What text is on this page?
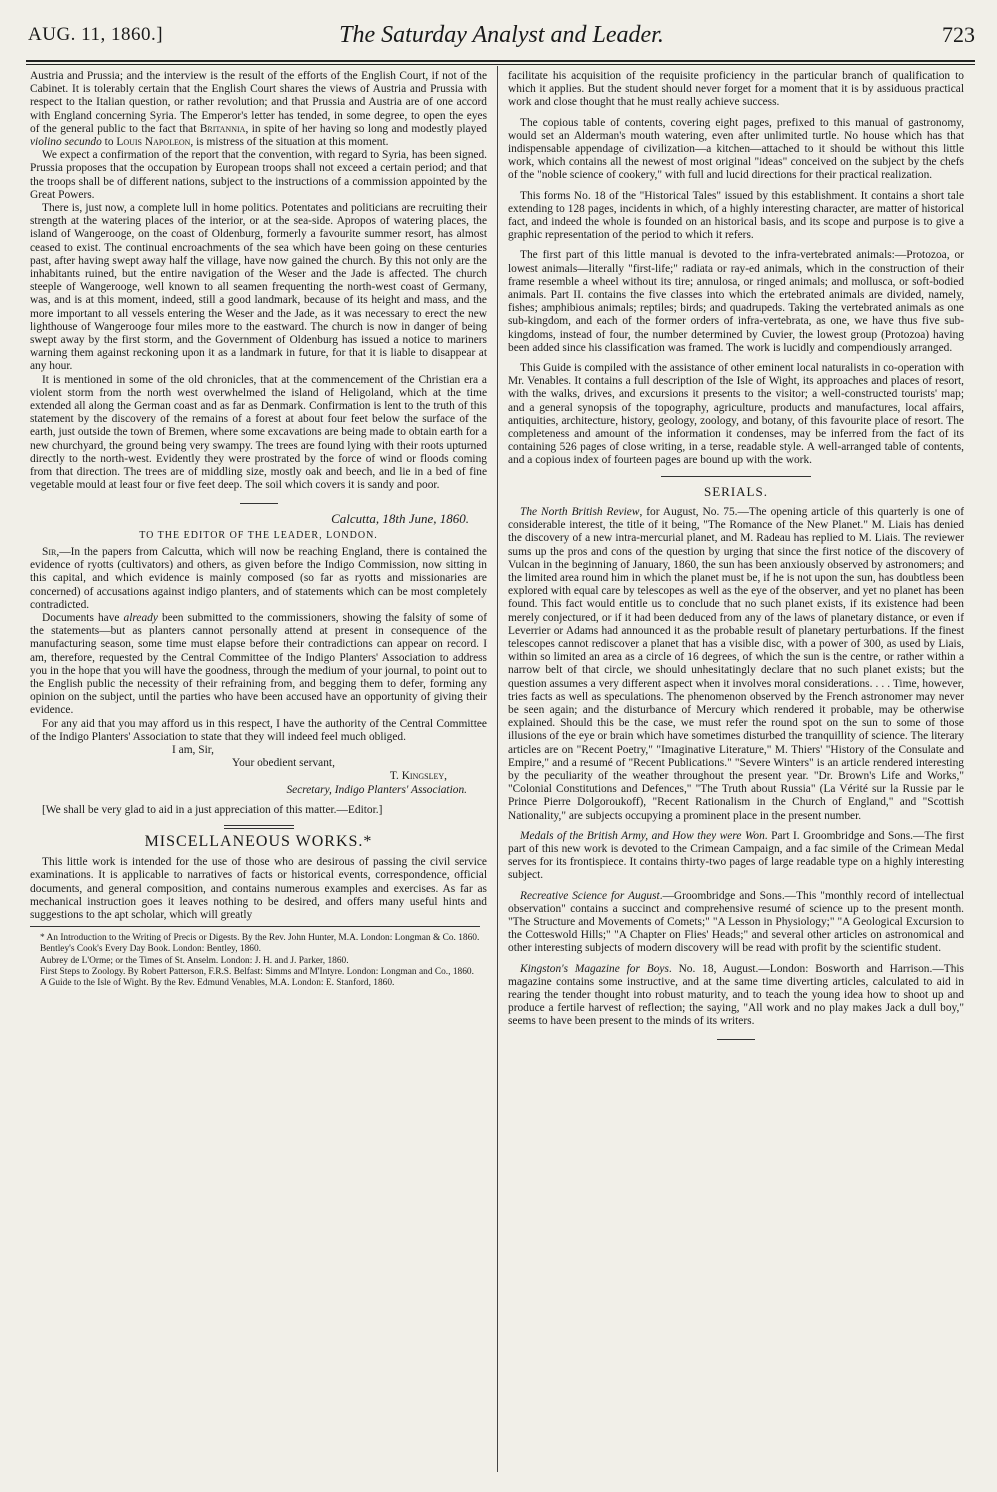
AUG. 11, 1860.]	The Saturday Analyst and Leader.	723

Austria and Prussia; and the interview is the result of the efforts of the English Court, if not of the Cabinet. It is tolerably certain that the English Court shares the views of Austria and Prussia with respect to the Italian question, or rather revolution; and that Prussia and Austria are of one accord with England concerning Syria. The Emperor's letter has tended, in some degree, to open the eyes of the general public to the fact that Britannia, in spite of her having so long and modestly played violino secundo to Louis Napoleon, is mistress of the situation at this moment.

We expect a confirmation of the report that the convention, with regard to Syria, has been signed. Prussia proposes that the occupation by European troops shall not exceed a certain period; and that the troops shall be of different nations, subject to the instructions of a commission appointed by the Great Powers.

There is, just now, a complete lull in home politics. Potentates and politicians are recruiting their strength at the watering places of the interior, or at the sea-side. Apropos of watering places, the island of Wangerooge, on the coast of Oldenburg, formerly a favourite summer resort, has almost ceased to exist. The continual encroachments of the sea which have been going on these centuries past, after having swept away half the village, have now gained the church. By this not only are the inhabitants ruined, but the entire navigation of the Weser and the Jade is affected. The church steeple of Wangerooge, well known to all seamen frequenting the north-west coast of Germany, was, and is at this moment, indeed, still a good landmark, because of its height and mass, and the more important to all vessels entering the Weser and the Jade, as it was necessary to erect the new lighthouse of Wangerooge four miles more to the eastward. The church is now in danger of being swept away by the first storm, and the Government of Oldenburg has issued a notice to mariners warning them against reckoning upon it as a landmark in future, for that it is liable to disappear at any hour.

It is mentioned in some of the old chronicles, that at the commencement of the Christian era a violent storm from the north west overwhelmed the island of Heligoland, which at the time extended all along the German coast and as far as Denmark. Confirmation is lent to the truth of this statement by the discovery of the remains of a forest at about four feet below the surface of the earth, just outside the town of Bremen, where some excavations are being made to obtain earth for a new churchyard, the ground being very swampy. The trees are found lying with their roots upturned directly to the north-west. Evidently they were prostrated by the force of wind or floods coming from that direction. The trees are of middling size, mostly oak and beech, and lie in a bed of fine vegetable mould at least four or five feet deep. The soil which covers it is sandy and poor.

Calcutta, 18th June, 1860.
TO THE EDITOR OF THE LEADER, LONDON.

Sir,—In the papers from Calcutta, which will now be reaching England, there is contained the evidence of ryotts (cultivators) and others, as given before the Indigo Commission, now sitting in this capital, and which evidence is mainly composed (so far as ryotts and missionaries are concerned) of accusations against indigo planters, and of statements which can be most completely contradicted.

Documents have already been submitted to the commissioners, showing the falsity of some of the statements—but as planters cannot personally attend at present in consequence of the manufacturing season, some time must elapse before their contradictions can appear on record. I am, therefore, requested by the Central Committee of the Indigo Planters' Association to address you in the hope that you will have the goodness, through the medium of your journal, to point out to the English public the necessity of their refraining from, and begging them to defer, forming any opinion on the subject, until the parties who have been accused have an opportunity of giving their evidence.

For any aid that you may afford us in this respect, I have the authority of the Central Committee of the Indigo Planters' Association to state that they will indeed feel much obliged.

I am, Sir,

Your obedient servant,

T. Kingsley,

Secretary, Indigo Planters' Association.

[We shall be very glad to aid in a just appreciation of this matter.—Editor.]

MISCELLANEOUS WORKS.*

This little work is intended for the use of those who are desirous of passing the civil service examinations. It is applicable to narratives of facts or historical events, correspondence, official documents, and general composition, and contains numerous examples and exercises. As far as mechanical instruction goes it leaves nothing to be desired, and offers many useful hints and suggestions to the apt scholar, which will greatly

* An Introduction to the Writing of Precis or Digests. By the Rev. John Hunter, M.A. London: Longman & Co. 1860.

Bentley's Cook's Every Day Book. London: Bentley, 1860.

Aubrey de L'Orme; or the Times of St. Anselm. London: J. H. and J. Parker, 1860.

First Steps to Zoology. By Robert Patterson, F.R.S. Belfast: Simms and M'Intyre. London: Longman and Co., 1860.

A Guide to the Isle of Wight. By the Rev. Edmund Venables, M.A. London: E. Stanford, 1860.

facilitate his acquisition of the requisite proficiency in the particular branch of qualification to which it applies. But the student should never forget for a moment that it is by assiduous practical work and close thought that he must really achieve success.

The copious table of contents, covering eight pages, prefixed to this manual of gastronomy, would set an Alderman's mouth watering, even after unlimited turtle. No house which has that indispensable appendage of civilization—a kitchen—attached to it should be without this little work, which contains all the newest of most original "ideas" conceived on the subject by the chefs of the "noble science of cookery," with full and lucid directions for their practical realization.

This forms No. 18 of the "Historical Tales" issued by this establishment. It contains a short tale extending to 128 pages, incidents in which, of a highly interesting character, are matter of historical fact, and indeed the whole is founded on an historical basis, and its scope and purpose is to give a graphic representation of the period to which it refers.

The first part of this little manual is devoted to the infra-vertebrated animals:—Protozoa, or lowest animals—literally "first-life;" radiata or ray-ed animals, which in the construction of their frame resemble a wheel without its tire; annulosa, or ringed animals; and mollusca, or soft-bodied animals. Part II. contains the five classes into which the ertebrated animals are divided, namely, fishes; amphibious animals; reptiles; birds; and quadrupeds. Taking the vertebrated animals as one sub-kingdom, and each of the former orders of infra-vertebrata, as one, we have thus five sub-kingdoms, instead of four, the number determined by Cuvier, the lowest group (Protozoa) having been added since his classification was framed. The work is lucidly and compendiously arranged.

This Guide is compiled with the assistance of other eminent local naturalists in co-operation with Mr. Venables. It contains a full description of the Isle of Wight, its approaches and places of resort, with the walks, drives, and excursions it presents to the visitor; a well-constructed tourists' map; and a general synopsis of the topography, agriculture, products and manufactures, local affairs, antiquities, architecture, history, geology, zoology, and botany, of this favourite place of resort. The completeness and amount of the information it condenses, may be inferred from the fact of its containing 526 pages of close writing, in a terse, readable style. A well-arranged table of contents, and a copious index of fourteen pages are bound up with the work.

SERIALS.

The North British Review, for August, No. 75.—The opening article of this quarterly is one of considerable interest, the title of it being, "The Romance of the New Planet." M. Liais has denied the discovery of a new intra-mercurial planet, and M. Radeau has replied to M. Liais. The reviewer sums up the pros and cons of the question by urging that since the first notice of the discovery of Vulcan in the beginning of January, 1860, the sun has been anxiously observed by astronomers; and the limited area round him in which the planet must be, if he is not upon the sun, has doubtless been explored with equal care by telescopes as well as the eye of the observer, and yet no planet has been found. This fact would entitle us to conclude that no such planet exists, if its existence had been merely conjectured, or if it had been deduced from any of the laws of planetary distance, or even if Leverrier or Adams had announced it as the probable result of planetary perturbations. If the finest telescopes cannot rediscover a planet that has a visible disc, with a power of 300, as used by Liais, within so limited an area as a circle of 16 degrees, of which the sun is the centre, or rather within a narrow belt of that circle, we should unhesitatingly declare that no such planet exists; but the question assumes a very different aspect when it involves moral considerations. . . . Time, however, tries facts as well as speculations. The phenomenon observed by the French astronomer may never be seen again; and the disturbance of Mercury which rendered it probable, may be otherwise explained. Should this be the case, we must refer the round spot on the sun to some of those illusions of the eye or brain which have sometimes disturbed the tranquillity of science. The literary articles are on "Recent Poetry," "Imaginative Literature," M. Thiers' "History of the Consulate and Empire," and a resumé of "Recent Publications." "Severe Winters" is an article rendered interesting by the peculiarity of the weather throughout the present year. "Dr. Brown's Life and Works," "Colonial Constitutions and Defences," "The Truth about Russia" (La Vérité sur la Russie par le Prince Pierre Dolgoroukoff), "Recent Rationalism in the Church of England," and "Scottish Nationality," are subjects occupying a prominent place in the present number.

Medals of the British Army, and How they were Won. Part I. Groombridge and Sons.—The first part of this new work is devoted to the Crimean Campaign, and a fac simile of the Crimean Medal serves for its frontispiece. It contains thirty-two pages of large readable type on a highly interesting subject.

Recreative Science for August.—Groombridge and Sons.—This "monthly record of intellectual observation" contains a succinct and comprehensive resumé of science up to the present month. "The Structure and Movements of Comets;" "A Lesson in Physiology;" "A Geological Excursion to the Cotteswold Hills;" "A Chapter on Flies' Heads;" and several other articles on astronomical and other interesting subjects of modern discovery will be read with profit by the scientific student.

Kingston's Magazine for Boys. No. 18, August.—London: Bosworth and Harrison.—This magazine contains some instructive, and at the same time diverting articles, calculated to aid in rearing the tender thought into robust maturity, and to teach the young idea how to shoot up and produce a fertile harvest of reflection; the saying, "All work and no play makes Jack a dull boy," seems to have been present to the minds of its writers.
